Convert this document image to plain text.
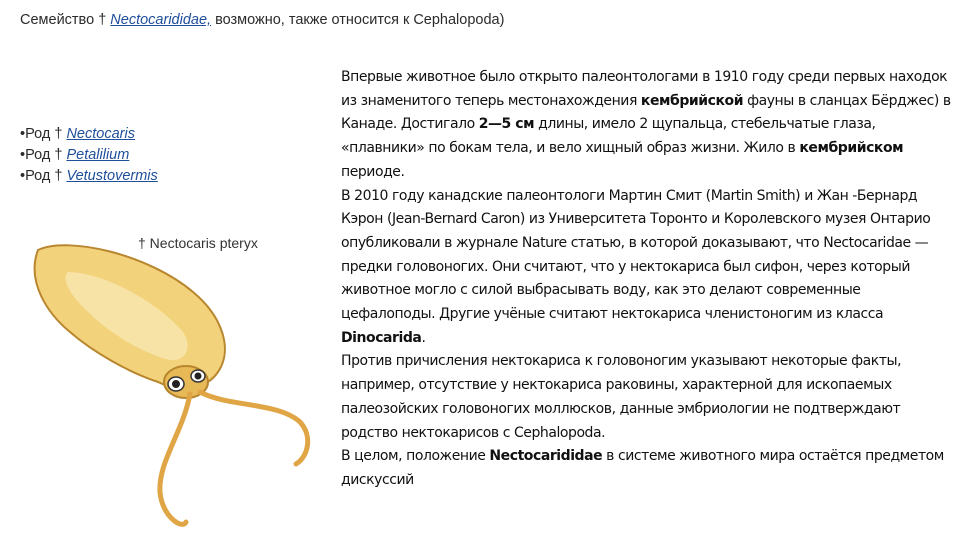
Семейство † Nectocarididae, возможно, также относится к Cephalopoda)
•Род † Nectocaris
•Род † Petalilium
•Род † Vetustovermis
† Nectocaris pteryx

Впервые животное было открыто палеонтологами в 1910 году среди первых находок из знаменитого теперь местонахождения кембрийской фауны в сланцах Бёрджес) в Канаде. Достигало 2—5 см длины, имело 2 щупальца, стебельчатые глаза, «плавники» по бокам тела, и вело хищный образ жизни. Жило в кембрийском периоде.

В 2010 году канадские палеонтологи Мартин Смит (Martin Smith) и Жан -Бернард Кэрон (Jean-Bernard Caron) из Университета Торонто и Королевского музея Онтарио опубликовали в журнале Nature статью, в которой доказывают, что Nectocaridae — предки головоногих. Они считают, что у нектокариса был сифон, через который животное могло с силой выбрасывать воду, как это делают современные цефалоподы. Другие учёные считают нектокариса членистоногим из класса Dinocarida.

Против причисления нектокариса к головоногим указывают некоторые факты, например, отсутствие у нектокариса раковины, характерной для ископаемых палеозойских головоногих моллюсков, данные эмбриологии не подтверждают родство нектокарисов с Cephalopoda.

В целом, положение Nectocarididae в системе животного мира остаётся предметом дискуссий
